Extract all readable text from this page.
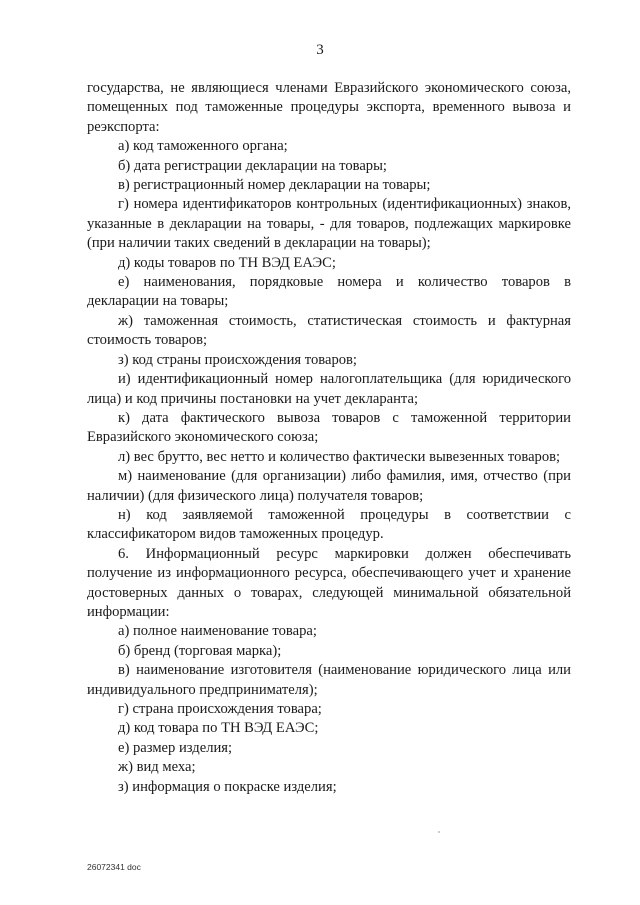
3

государства, не являющиеся членами Евразийского экономического союза, помещенных под таможенные процедуры экспорта, временного вывоза и реэкспорта:

а) код таможенного органа;

б) дата регистрации декларации на товары;

в) регистрационный номер декларации на товары;

г) номера идентификаторов контрольных (идентификационных) знаков, указанные в декларации на товары, - для товаров, подлежащих маркировке (при наличии таких сведений в декларации на товары);

д) коды товаров по ТН ВЭД ЕАЭС;

е) наименования, порядковые номера и количество товаров в декларации на товары;

ж) таможенная стоимость, статистическая стоимость и фактурная стоимость товаров;

з) код страны происхождения товаров;

и) идентификационный номер налогоплательщика (для юридического лица) и код причины постановки на учет декларанта;

к) дата фактического вывоза товаров с таможенной территории Евразийского экономического союза;

л) вес брутто, вес нетто и количество фактически вывезенных товаров;

м) наименование (для организации) либо фамилия, имя, отчество (при наличии) (для физического лица) получателя товаров;

н) код заявляемой таможенной процедуры в соответствии с классификатором видов таможенных процедур.

6. Информационный ресурс маркировки должен обеспечивать получение из информационного ресурса, обеспечивающего учет и хранение достоверных данных о товарах, следующей минимальной обязательной информации:

а) полное наименование товара;

б) бренд (торговая марка);

в) наименование изготовителя (наименование юридического лица или индивидуального предпринимателя);

г) страна происхождения товара;

д) код товара по ТН ВЭД ЕАЭС;

е) размер изделия;

ж) вид меха;

з) информация о покраске изделия;

26072341 doc
